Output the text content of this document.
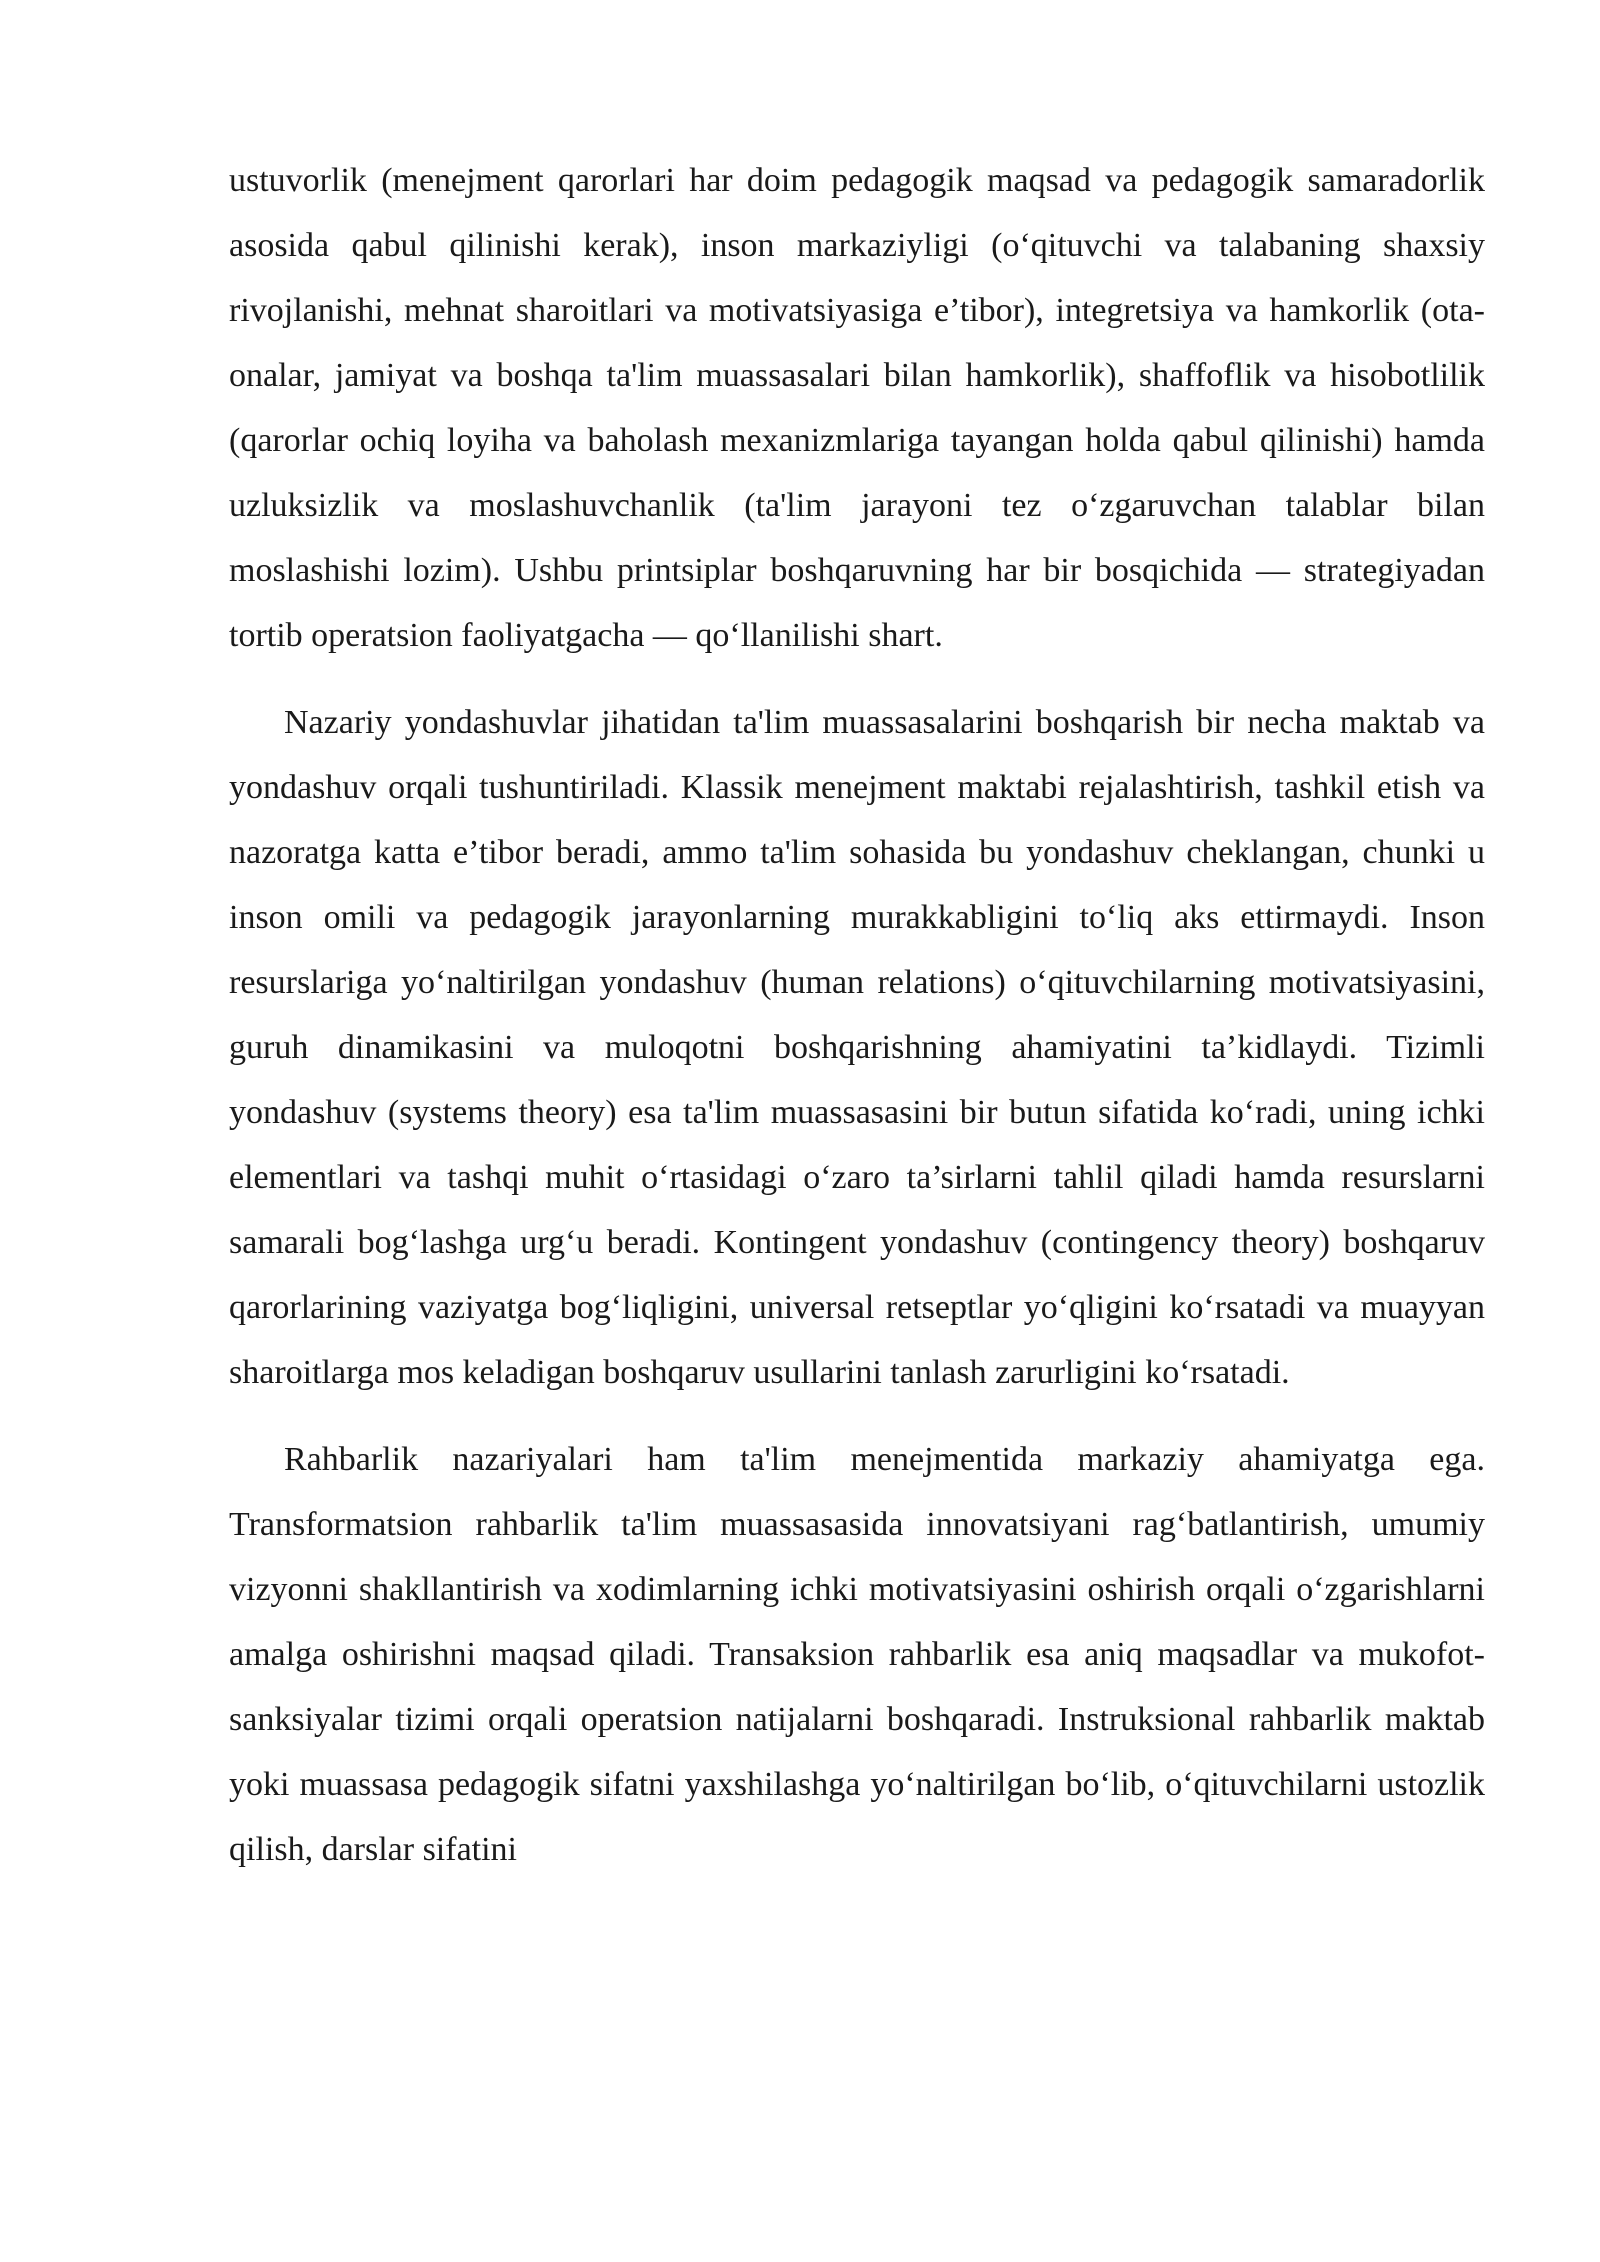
ustuvorlik (menejment qarorlari har doim pedagogik maqsad va pedagogik samaradorlik asosida qabul qilinishi kerak), inson markaziyligi (o‘qituvchi va talabaning shaxsiy rivojlanishi, mehnat sharoitlari va motivatsiyasiga e’tibor), integretsiya va hamkorlik (ota-onalar, jamiyat va boshqa ta'lim muassasalari bilan hamkorlik), shaffoflik va hisobotlilik (qarorlar ochiq loyiha va baholash mexanizmlariga tayangan holda qabul qilinishi) hamda uzluksizlik va moslashuvchanlik (ta'lim jarayoni tez o‘zgaruvchan talablar bilan moslashishi lozim). Ushbu printsiplar boshqaruvning har bir bosqichida — strategiyadan tortib operatsion faoliyatgacha — qo‘llanilishi shart.

Nazariy yondashuvlar jihatidan ta'lim muassasalarini boshqarish bir necha maktab va yondashuv orqali tushuntiriladi. Klassik menejment maktabi rejalashtirish, tashkil etish va nazoratga katta e’tibor beradi, ammo ta'lim sohasida bu yondashuv cheklangan, chunki u inson omili va pedagogik jarayonlarning murakkabligini to‘liq aks ettirmaydi. Inson resurslariga yo‘naltirilgan yondashuv (human relations) o‘qituvchilarning motivatsiyasini, guruh dinamikasini va muloqotni boshqarishning ahamiyatini ta’kidlaydi. Tizimli yondashuv (systems theory) esa ta'lim muassasasini bir butun sifatida ko‘radi, uning ichki elementlari va tashqi muhit o‘rtasidagi o‘zaro ta’sirlarni tahlil qiladi hamda resurslarni samarali bog‘lashga urg‘u beradi. Kontingent yondashuv (contingency theory) boshqaruv qarorlarining vaziyatga bog‘liqligini, universal retseptlar yo‘qligini ko‘rsatadi va muayyan sharoitlarga mos keladigan boshqaruv usullarini tanlash zarurligini ko‘rsatadi.

Rahbarlik nazariyalari ham ta'lim menejmentida markaziy ahamiyatga ega. Transformatsion rahbarlik ta'lim muassasasida innovatsiyani rag‘batlantirish, umumiy vizyonni shakllantirish va xodimlarning ichki motivatsiyasini oshirish orqali o‘zgarishlarni amalga oshirishni maqsad qiladi. Transaksion rahbarlik esa aniq maqsadlar va mukofot-sanksiyalar tizimi orqali operatsion natijalarni boshqaradi. Instruksional rahbarlik maktab yoki muassasa pedagogik sifatni yaxshilashga yo‘naltirilgan bo‘lib, o‘qituvchilarni ustozlik qilish, darslar sifatini
